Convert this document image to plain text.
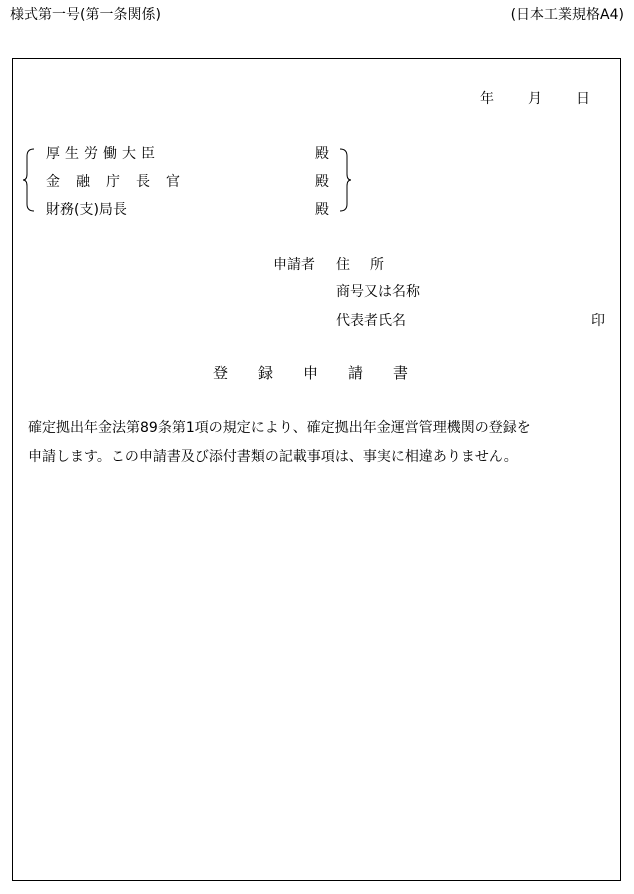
様式第一号(第一条関係)	(日本工業規格A4)
年 月 日
厚生労働大臣
金融庁長官
財務(支)局長
殿
殿
殿
申請者 住所
商号又は名称
代表者氏名	印
登録申請書
確定拠出年金法第89条第1項の規定により、確定拠出年金運営管理機関の登録を
申請します。この申請書及び添付書類の記載事項は、事実に相違ありません。
